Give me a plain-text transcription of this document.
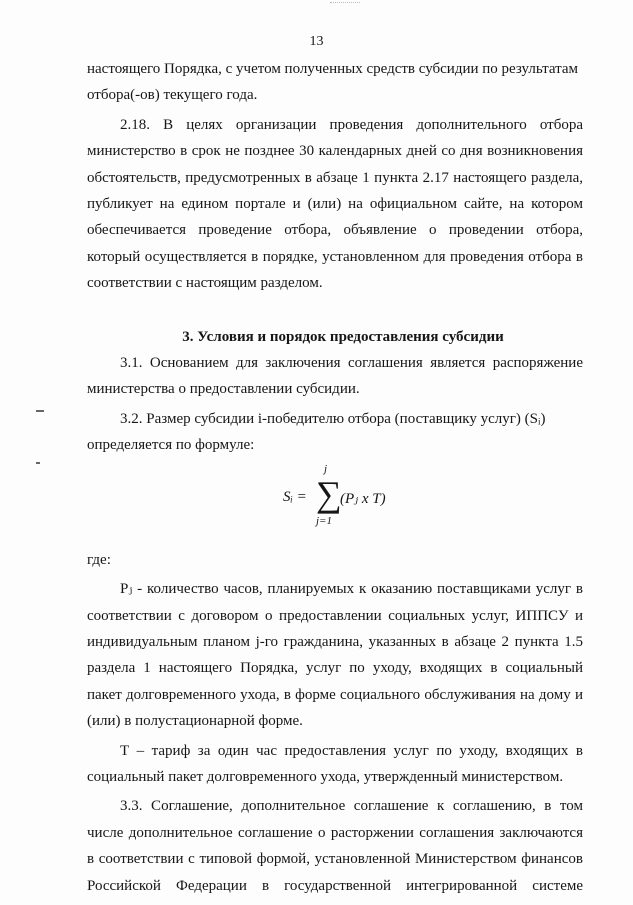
13

настоящего Порядка, с учетом полученных средств субсидии по результатам

отбора(-ов) текущего года.

2.18. В целях организации проведения дополнительного отбора министерство в срок не позднее 30 календарных дней со дня возникновения обстоятельств, предусмотренных в абзаце 1 пункта 2.17 настоящего раздела, публикует на едином портале и (или) на официальном сайте, на котором обеспечивается проведение отбора, объявление о проведении отбора, который осуществляется в порядке, установленном для проведения отбора в соответствии с настоящим разделом.

3. Условия и порядок предоставления субсидии

3.1. Основанием для заключения соглашения является распоряжение министерства о предоставлении субсидии.

3.2. Размер субсидии i-победителю отбора (поставщику услуг) (Sᵢ)

определяется по формуле:

Sᵢ =
j
∑
j=1
(Pⱼ x T)

где:

Pⱼ - количество часов, планируемых к оказанию поставщиками услуг в соответствии с договором о предоставлении социальных услуг, ИППСУ и индивидуальным планом j-го гражданина, указанных в абзаце 2 пункта 1.5 раздела 1 настоящего Порядка, услуг по уходу, входящих в социальный пакет долговременного ухода, в форме социального обслуживания на дому и (или) в полустационарной форме.

Т – тариф за один час предоставления услуг по уходу, входящих в социальный пакет долговременного ухода, утвержденный министерством.

3.3. Соглашение, дополнительное соглашение к соглашению, в том числе дополнительное соглашение о расторжении соглашения заключаются в соответствии с типовой формой, установленной Министерством финансов Российской Федерации в государственной интегрированной системе
